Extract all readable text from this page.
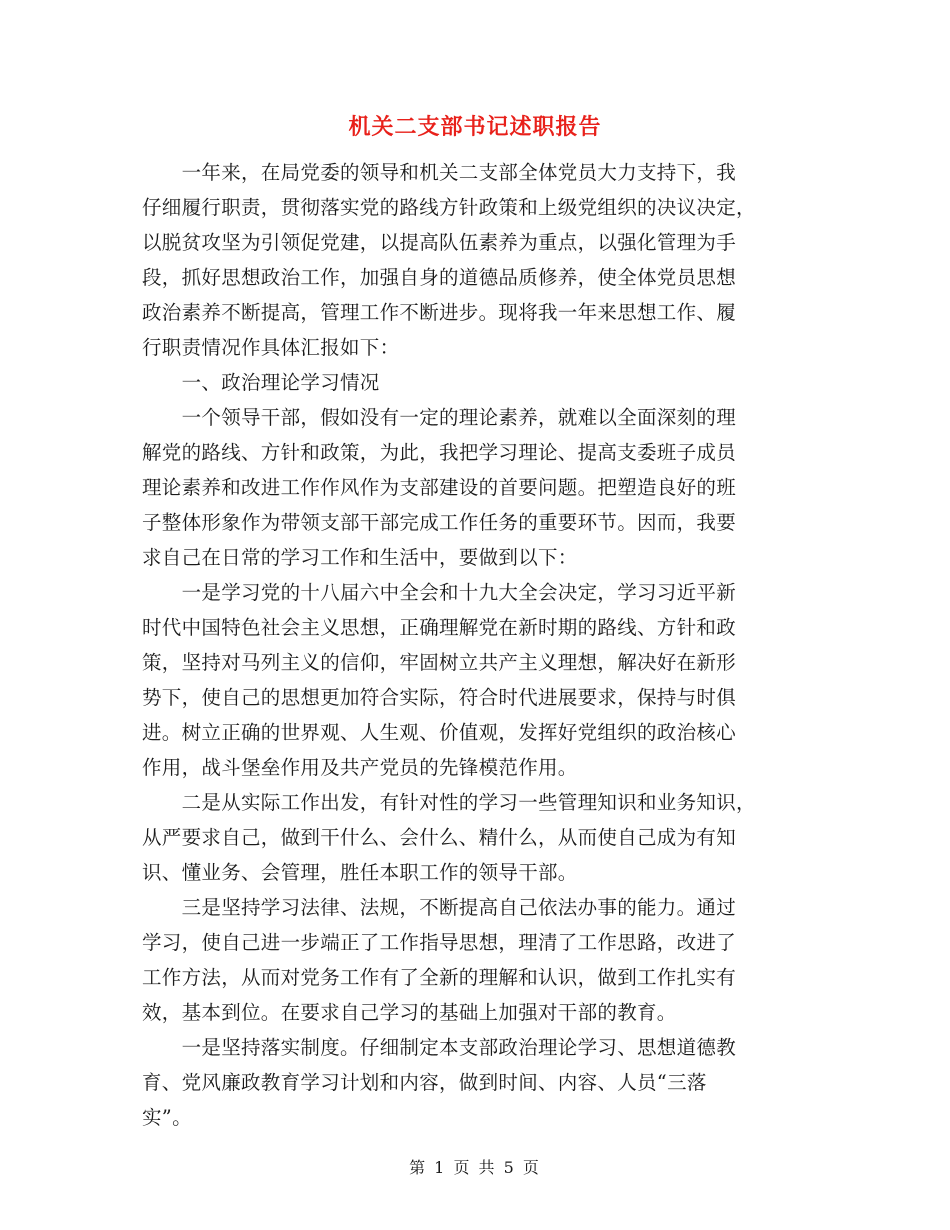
机关二支部书记述职报告
　　一年来，在局党委的领导和机关二支部全体党员大力支持下，我
仔细履行职责，贯彻落实党的路线方针政策和上级党组织的决议决定，
以脱贫攻坚为引领促党建，以提高队伍素养为重点，以强化管理为手
段，抓好思想政治工作，加强自身的道德品质修养，使全体党员思想
政治素养不断提高，管理工作不断进步。现将我一年来思想工作、履
行职责情况作具体汇报如下：
　　一、政治理论学习情况
　　一个领导干部，假如没有一定的理论素养，就难以全面深刻的理
解党的路线、方针和政策，为此，我把学习理论、提高支委班子成员
理论素养和改进工作作风作为支部建设的首要问题。把塑造良好的班
子整体形象作为带领支部干部完成工作任务的重要环节。因而，我要
求自己在日常的学习工作和生活中，要做到以下：
　　一是学习党的十八届六中全会和十九大全会决定，学习习近平新
时代中国特色社会主义思想，正确理解党在新时期的路线、方针和政
策，坚持对马列主义的信仰，牢固树立共产主义理想，解决好在新形
势下，使自己的思想更加符合实际，符合时代进展要求，保持与时俱
进。树立正确的世界观、人生观、价值观，发挥好党组织的政治核心
作用，战斗堡垒作用及共产党员的先锋模范作用。
　　二是从实际工作出发，有针对性的学习一些管理知识和业务知识，
从严要求自己，做到干什么、会什么、精什么，从而使自己成为有知
识、懂业务、会管理，胜任本职工作的领导干部。
　　三是坚持学习法律、法规，不断提高自己依法办事的能力。通过
学习，使自己进一步端正了工作指导思想，理清了工作思路，改进了
工作方法，从而对党务工作有了全新的理解和认识，做到工作扎实有
效，基本到位。在要求自己学习的基础上加强对干部的教育。
　　一是坚持落实制度。仔细制定本支部政治理论学习、思想道德教
育、党风廉政教育学习计划和内容，做到时间、内容、人员“三落
实”。
第 1 页 共 5 页
